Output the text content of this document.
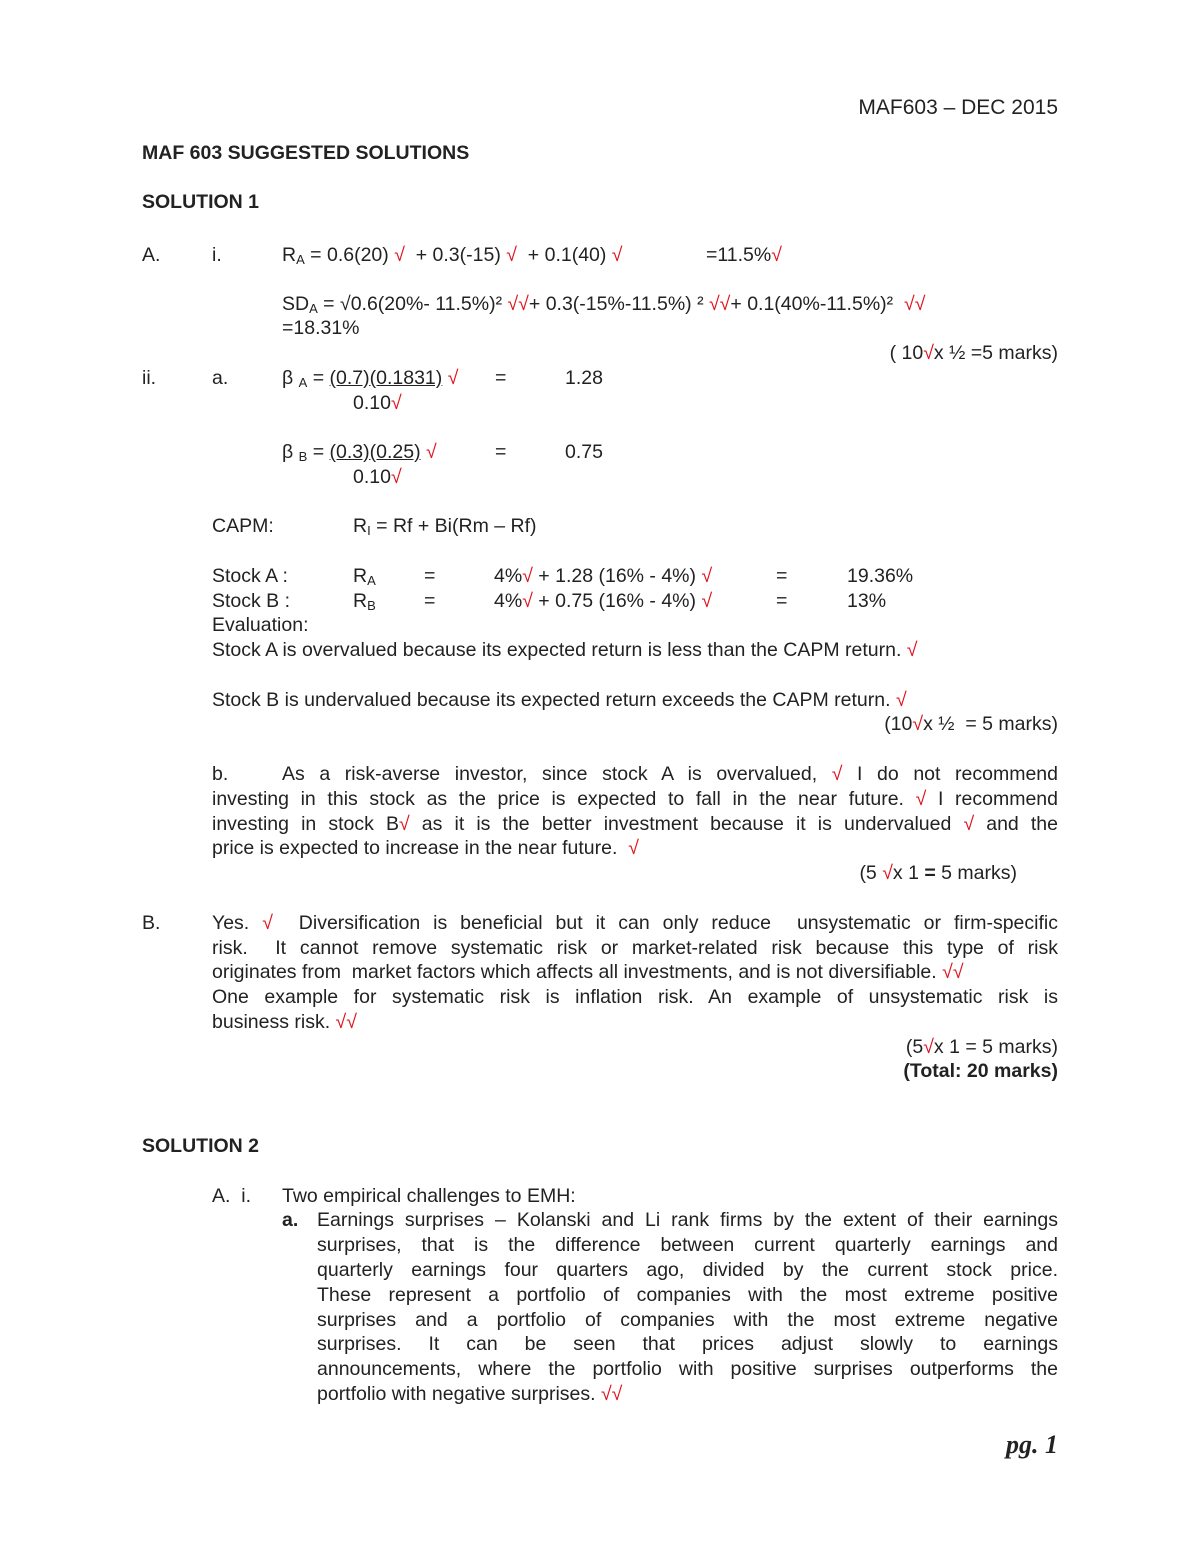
MAF603 – DEC 2015
MAF 603 SUGGESTED SOLUTIONS
SOLUTION 1
A.	i.	$R_A = 0.6(20)$ √  + 0.3(-15) √  + 0.1(40) √	=11.5%√
$SD_A = √0.6(20\%-$ 11.5%)² √√+ 0.3(-15%-11.5%) ² √√+ 0.1(40%-11.5%)²  √√
=18.31%
( 10√x ½ =5 marks)
ii.	a.	β $_A$ = (0.7)(0.1831) √ =	1.28
0.10√
β $_B$ = (0.3)(0.25) √	=	0.75
0.10√
CAPM:	$R_I = Rf + Bi(Rm - Rf)$
Stock A :	$R_A$ =	4%√ + 1.28 (16% - 4%) √	=	19.36%
Stock B :	$R_B$ =	4%√ + 0.75 (16% - 4%) √	=	13%
Evaluation:
Stock A is overvalued because its expected return is less than the CAPM return. √
Stock B is undervalued because its expected return exceeds the CAPM return. √
(10√x ½  = 5 marks)
b.	As a risk-averse investor, since stock A is overvalued, √ I do not recommend
investing in this stock as the price is expected to fall in the near future. √ I recommend
investing in stock B√ as it is the better investment because it is undervalued √ and the
price is expected to increase in the near future.  √
(5 √x 1 = 5 marks)
B.	Yes. √  Diversification is beneficial but it can only reduce  unsystematic or firm-specific
risk.  It cannot remove systematic risk or market-related risk because this type of risk
originates from  market factors which affects all investments, and is not diversifiable. √√
One example for systematic risk is inflation risk. An example of unsystematic risk is
business risk. √√
(5√x 1 = 5 marks)
(Total: 20 marks)
SOLUTION 2
A.  i. Two empirical challenges to EMH:
a. Earnings surprises – Kolanski and Li rank firms by the extent of their earnings
surprises, that is the difference between current quarterly earnings and
quarterly earnings four quarters ago, divided by the current stock price.
These represent a portfolio of companies with the most extreme positive
surprises and a portfolio of companies with the most extreme negative
surprises. It can be seen that prices adjust slowly to earnings
announcements, where the portfolio with positive surprises outperforms the
portfolio with negative surprises. √√
pg. 1
